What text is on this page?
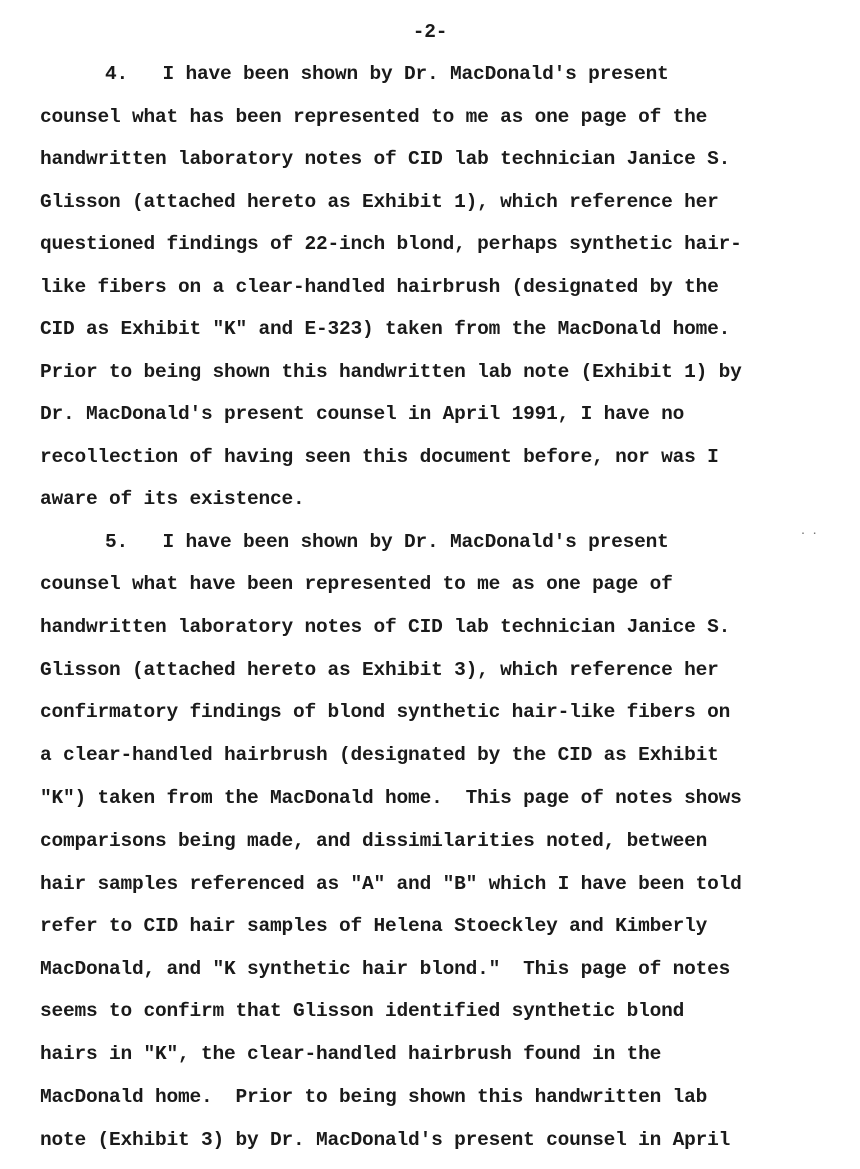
-2-
4.   I have been shown by Dr. MacDonald's present
counsel what has been represented to me as one page of the
handwritten laboratory notes of CID lab technician Janice S.
Glisson (attached hereto as Exhibit 1), which reference her
questioned findings of 22-inch blond, perhaps synthetic hair-
like fibers on a clear-handled hairbrush (designated by the
CID as Exhibit "K" and E-323) taken from the MacDonald home.
Prior to being shown this handwritten lab note (Exhibit 1) by
Dr. MacDonald's present counsel in April 1991, I have no
recollection of having seen this document before, nor was I
aware of its existence.
5.   I have been shown by Dr. MacDonald's present
counsel what have been represented to me as one page of
handwritten laboratory notes of CID lab technician Janice S.
Glisson (attached hereto as Exhibit 3), which reference her
confirmatory findings of blond synthetic hair-like fibers on
a clear-handled hairbrush (designated by the CID as Exhibit
"K") taken from the MacDonald home.  This page of notes shows
comparisons being made, and dissimilarities noted, between
hair samples referenced as "A" and "B" which I have been told
refer to CID hair samples of Helena Stoeckley and Kimberly
MacDonald, and "K synthetic hair blond."  This page of notes
seems to confirm that Glisson identified synthetic blond
hairs in "K", the clear-handled hairbrush found in the
MacDonald home.  Prior to being shown this handwritten lab
note (Exhibit 3) by Dr. MacDonald's present counsel in April
· ·
